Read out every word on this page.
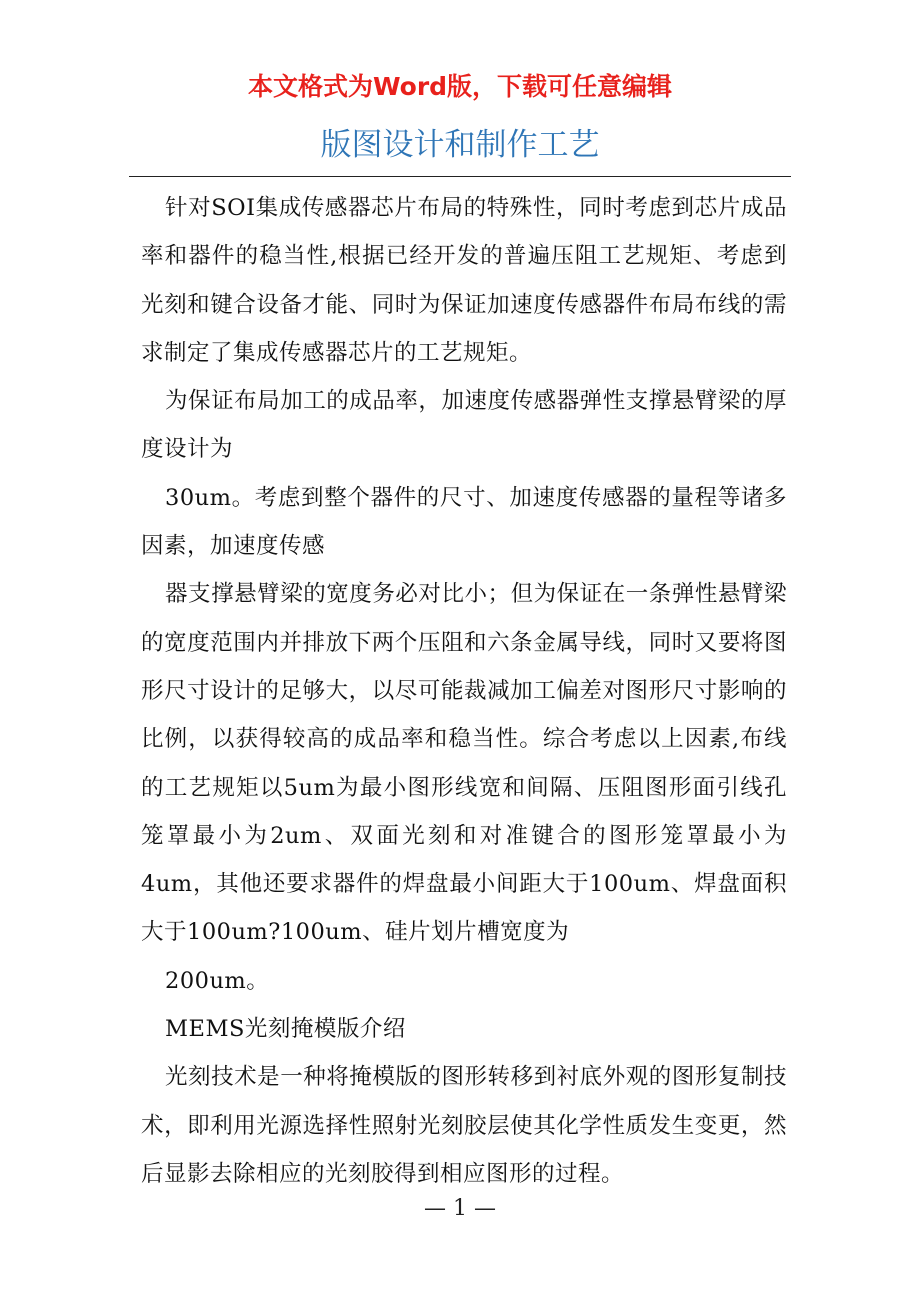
本文格式为Word版，下载可任意编辑
版图设计和制作工艺

针对SOI集成传感器芯片布局的特殊性，同时考虑到芯片成品率和器件的稳当性,根据已经开发的普遍压阻工艺规矩、考虑到光刻和键合设备才能、同时为保证加速度传感器件布局布线的需求制定了集成传感器芯片的工艺规矩。

为保证布局加工的成品率，加速度传感器弹性支撑悬臂梁的厚度设计为

30um。考虑到整个器件的尺寸、加速度传感器的量程等诸多因素，加速度传感

器支撑悬臂梁的宽度务必对比小；但为保证在一条弹性悬臂梁的宽度范围内并排放下两个压阻和六条金属导线，同时又要将图形尺寸设计的足够大，以尽可能裁减加工偏差对图形尺寸影响的比例，以获得较高的成品率和稳当性。综合考虑以上因素,布线的工艺规矩以5um为最小图形线宽和间隔、压阻图形面引线孔笼罩最小为2um、双面光刻和对准键合的图形笼罩最小为4um，其他还要求器件的焊盘最小间距大于100um、焊盘面积大于100um?100um、硅片划片槽宽度为

200um。

MEMS光刻掩模版介绍

光刻技术是一种将掩模版的图形转移到衬底外观的图形复制技术，即利用光源选择性照射光刻胶层使其化学性质发生变更，然后显影去除相应的光刻胶得到相应图形的过程。

— 1 —
